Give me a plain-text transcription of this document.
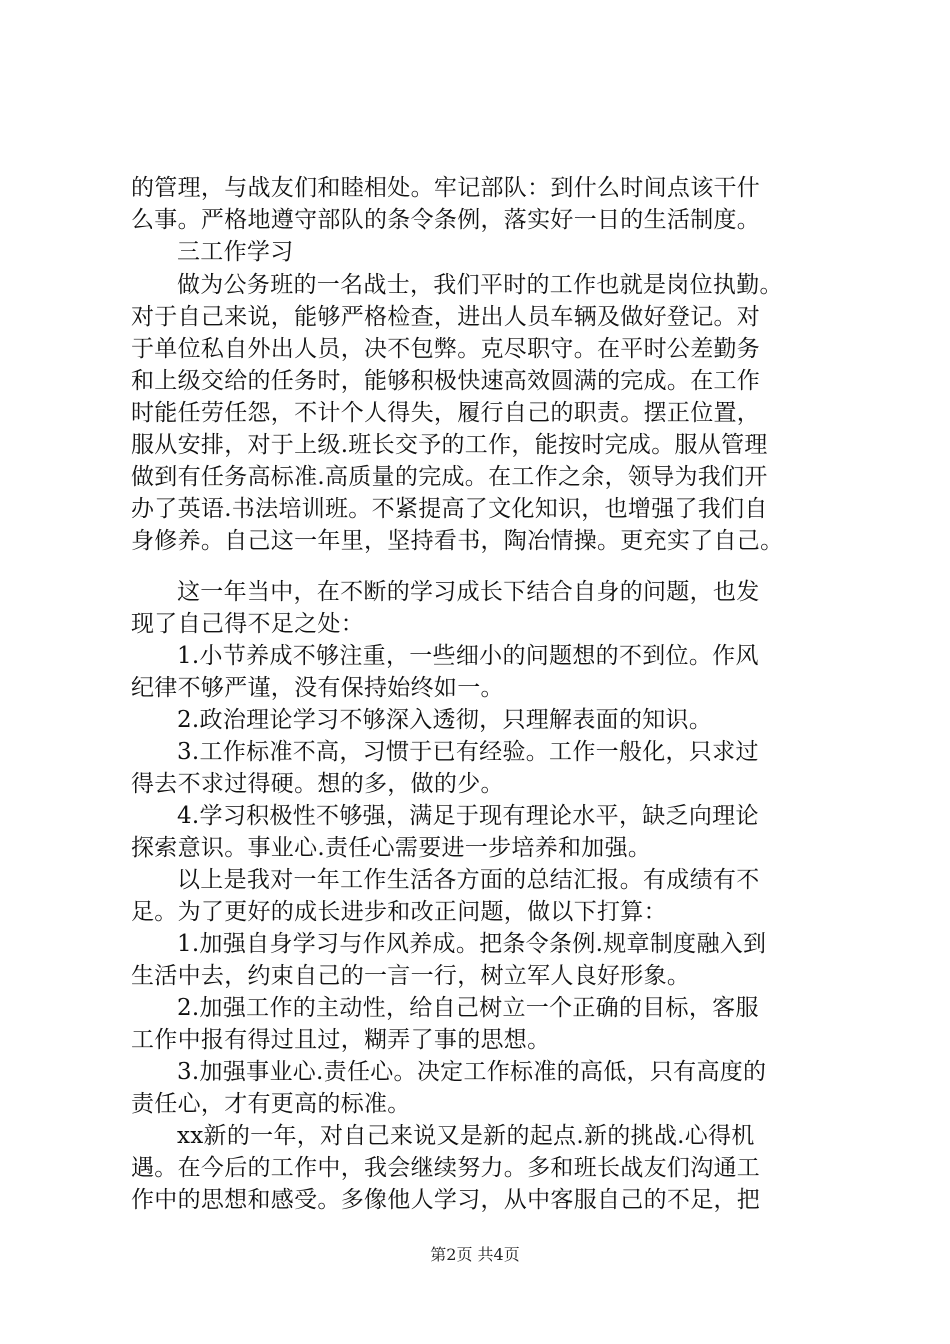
的管理，与战友们和睦相处。牢记部队：到什么时间点该干什
么事。严格地遵守部队的条令条例，落实好一日的生活制度。
三工作学习
做为公务班的一名战士，我们平时的工作也就是岗位执勤。
对于自己来说，能够严格检查，进出人员车辆及做好登记。对
于单位私自外出人员，决不包弊。克尽职守。在平时公差勤务
和上级交给的任务时，能够积极快速高效圆满的完成。在工作
时能任劳任怨，不计个人得失，履行自己的职责。摆正位置，
服从安排，对于上级.班长交予的工作，能按时完成。服从管理
做到有任务高标准.高质量的完成。在工作之余，领导为我们开
办了英语.书法培训班。不紧提高了文化知识，也增强了我们自
身修养。自己这一年里，坚持看书，陶冶情操。更充实了自己。
这一年当中，在不断的学习成长下结合自身的问题，也发
现了自己得不足之处：
1.小节养成不够注重，一些细小的问题想的不到位。作风
纪律不够严谨，没有保持始终如一。
2.政治理论学习不够深入透彻，只理解表面的知识。
3.工作标准不高，习惯于已有经验。工作一般化，只求过
得去不求过得硬。想的多，做的少。
4.学习积极性不够强，满足于现有理论水平，缺乏向理论
探索意识。事业心.责任心需要进一步培养和加强。
以上是我对一年工作生活各方面的总结汇报。有成绩有不
足。为了更好的成长进步和改正问题，做以下打算：
1.加强自身学习与作风养成。把条令条例.规章制度融入到
生活中去，约束自己的一言一行，树立军人良好形象。
2.加强工作的主动性，给自己树立一个正确的目标，客服
工作中报有得过且过，糊弄了事的思想。
3.加强事业心.责任心。决定工作标准的高低，只有高度的
责任心，才有更高的标准。
xx新的一年，对自己来说又是新的起点.新的挑战.心得机
遇。在今后的工作中，我会继续努力。多和班长战友们沟通工
作中的思想和感受。多像他人学习，从中客服自己的不足，把
第2页 共4页
